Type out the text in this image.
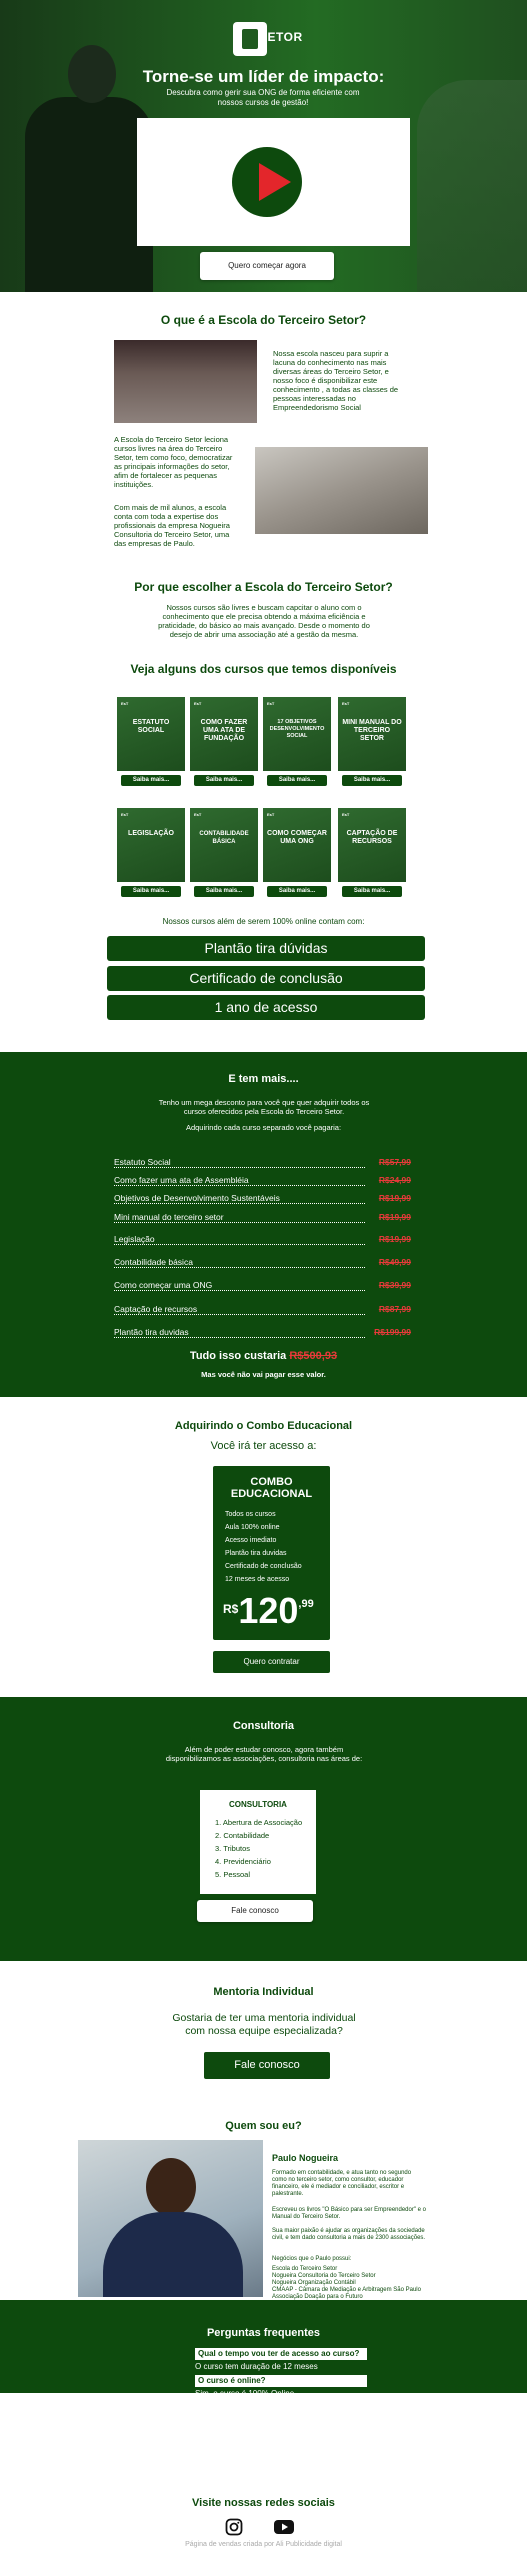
SETOR
Torne-se um líder de impacto:
Descubra como gerir sua ONG de forma eficiente com nossos cursos de gestão!
Quero começar agora
O que é a Escola do Terceiro Setor?
Nossa escola nasceu para suprir a lacuna do conhecimento nas mais diversas áreas do Terceiro Setor, e nosso foco é disponibilizar este conhecimento , a todas as classes de pessoas interessadas no Empreendedorismo Social
A Escola do Terceiro Setor leciona cursos livres na área do Terceiro Setor, tem como foco, democratizar as principais informações do setor, afim de fortalecer as pequenas instituições.
Com mais de mil alunos, a escola conta com toda a expertise dos profissionais da empresa Nogueira Consultoria do Terceiro Setor, uma das empresas de Paulo.
Por que escolher a Escola do Terceiro Setor?
Nossos cursos são livres e buscam capcitar o aluno com o conhecimento que ele precisa obtendo a máxima eficiência e praticidade, do básico ao mais avançado. Desde o momento do desejo de abrir uma associação até a gestão da mesma.
Veja alguns dos cursos que temos disponíveis
EsT
ESTATUTO SOCIAL
Saiba mais...
EsT
COMO FAZER UMA ATA DE FUNDAÇÃO
Saiba mais...
EsT
17 OBJETIVOS DESENVOLVIMENTO SOCIAL
Saiba mais...
EsT
MINI MANUAL DO TERCEIRO SETOR
Saiba mais...
EsT
LEGISLAÇÃO
Saiba mais...
EsT
CONTABILIDADE BÁSICA
Saiba mais...
EsT
COMO COMEÇAR UMA ONG
Saiba mais...
EsT
CAPTAÇÃO DE RECURSOS
Saiba mais...
Nossos cursos além de serem 100% online contam com:
Plantão tira dúvidas
Certificado de conclusão
1 ano de acesso
E tem mais....
Tenho um mega desconto para você que quer adquirir todos os cursos oferecidos pela Escola do Terceiro Setor.
Adquirindo cada curso separado você pagaria:
Estatuto Social	R$57,99
Como fazer uma ata de Assembléia	R$24,99
Objetivos de Desenvolvimento Sustentáveis	R$19,99
Mini manual do terceiro setor	R$19,99
Legislação	R$19,99
Contabilidade básica	R$49,99
Como começar uma ONG	R$39,99
Captação de recursos	R$87,99
Plantão tira duvidas	R$199,99
Tudo isso custaria R$500,93
Mas você não vai pagar esse valor.
Adquirindo o Combo Educacional
Você irá ter acesso a:
COMBO
EDUCACIONAL
Todos os cursos
Aula 100% online
Acesso imediato
Plantão tira duvidas
Certificado de conclusão
12 meses de acesso
$^{R\$}120^{,99}$
Quero contratar
Consultoria
Além de poder estudar conosco, agora também disponibilizamos as associações, consultoria nas áreas de:
CONSULTORIA
1. Abertura de Associação
2. Contabilidade
3. Tributos
4. Previdenciário
5. Pessoal
Fale conosco
Mentoria Individual
Gostaria de ter uma mentoria individual com nossa equipe especializada?
Fale conosco
Quem sou eu?
Paulo Nogueira
Formado em contabilidade, e atua tanto no segundo como no terceiro setor, como consultor, educador financeiro, ele é mediador e conciliador, escritor e palestrante.
Escreveu os livros "O Básico para ser Empreendedor" e o Manual do Terceiro Setor.
Sua maior paixão é ajudar as organizações da sociedade civil, e tem dado consultoria a mais de 2300 associações.
Negócios que o Paulo possui:
Escola do Terceiro Setor
Nogueira Consultoria do Terceiro Setor
Nogueira Organização Contábil
CMAAP - Câmara de Mediação e Arbitragem São Paulo
Associação Doação para o Futuro
Perguntas frequentes
Qual o tempo vou ter de acesso ao curso?
O curso tem duração de 12 meses
O curso é online?
Sim, o curso é 100% Online
Visite nossas redes sociais
Página de vendas criada por Ali Publicidade digital
